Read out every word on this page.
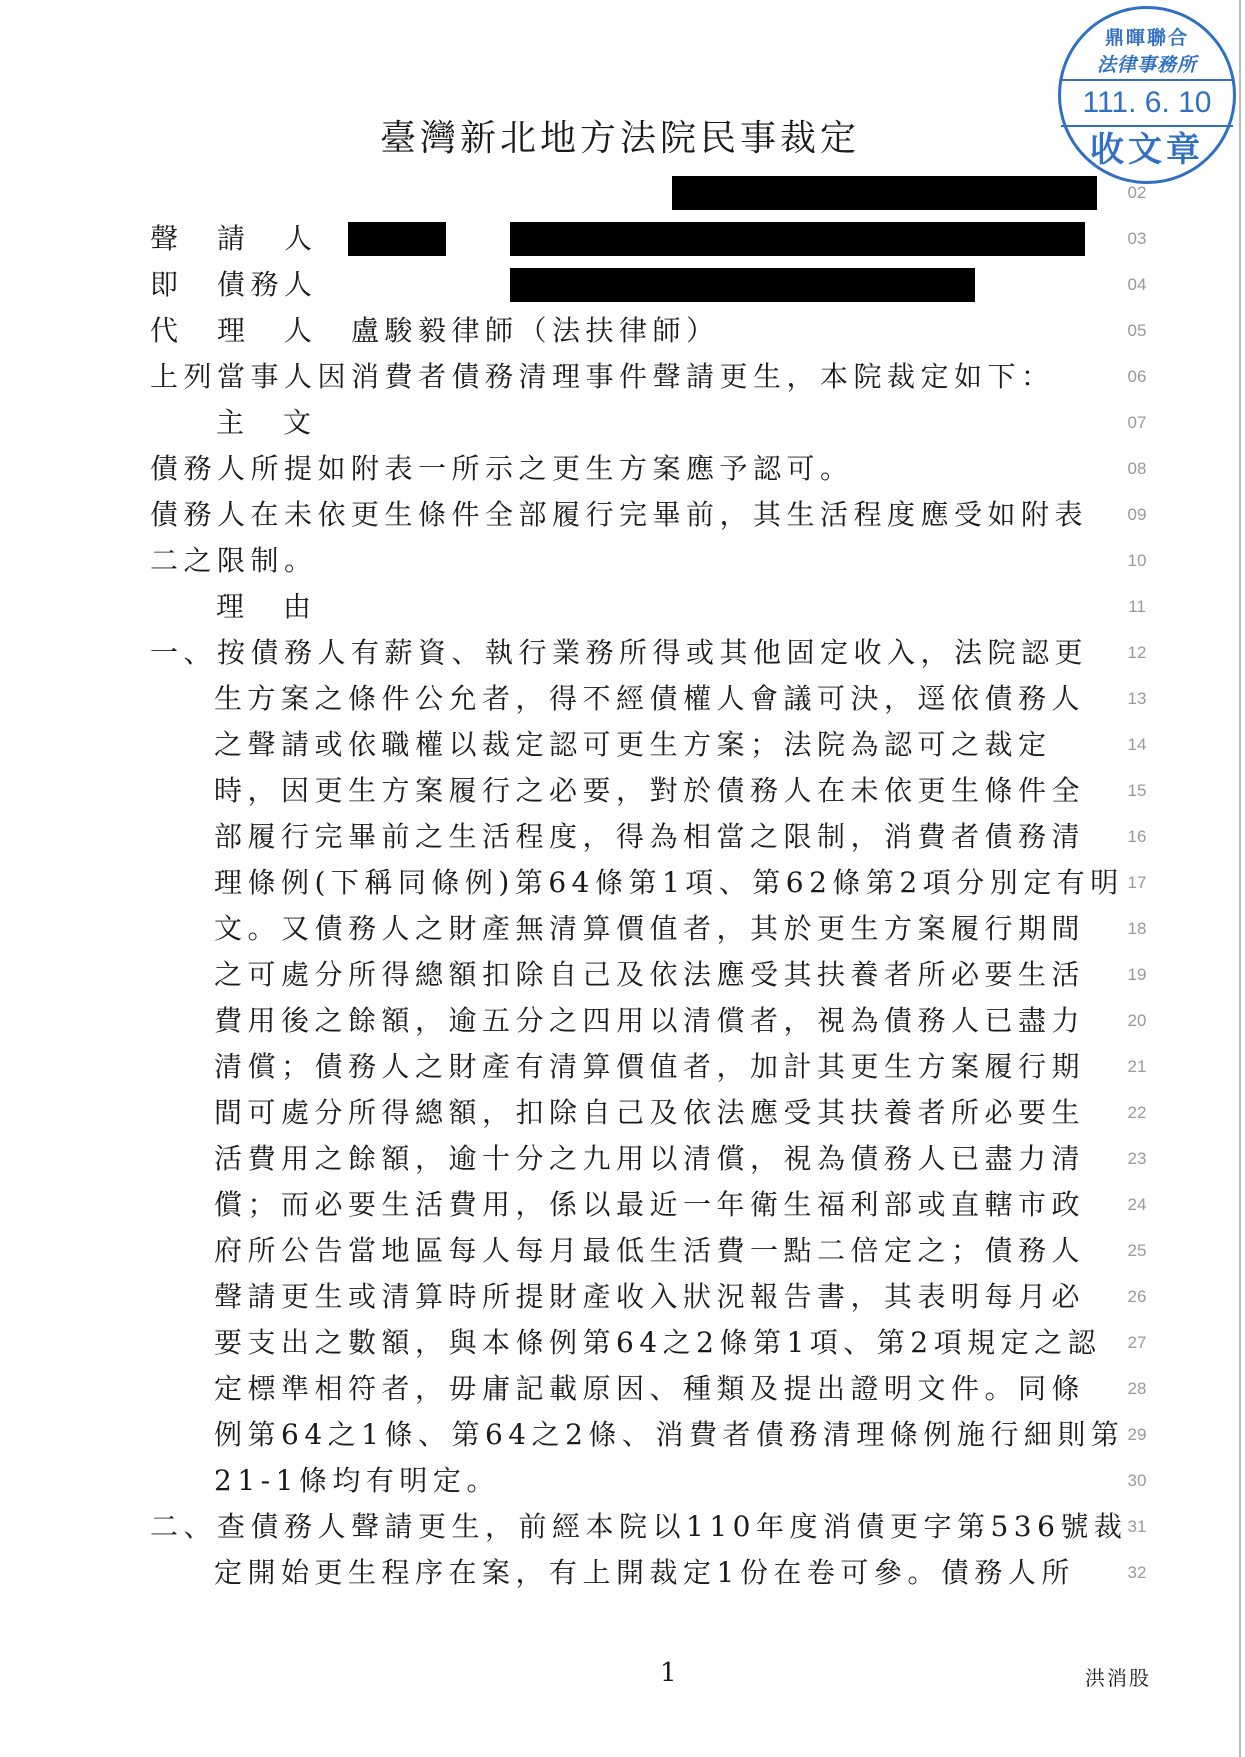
鼎暉聯合
法律事務所
111. 6. 10
收文章
臺灣新北地方法院民事裁定
02
聲　請　人	03
即　債務人	04
代　理　人　盧駿毅律師（法扶律師）	05
上列當事人因消費者債務清理事件聲請更生，本院裁定如下：	06
主　文	07
債務人所提如附表一所示之更生方案應予認可。	08
債務人在未依更生條件全部履行完畢前，其生活程度應受如附表	09
二之限制。	10
理　由	11
一、按債務人有薪資、執行業務所得或其他固定收入，法院認更	12
生方案之條件公允者，得不經債權人會議可決，逕依債務人	13
之聲請或依職權以裁定認可更生方案；法院為認可之裁定	14
時，因更生方案履行之必要，對於債務人在未依更生條件全	15
部履行完畢前之生活程度，得為相當之限制，消費者債務清	16
理條例(下稱同條例)第64條第1項、第62條第2項分別定有明 17
文。又債務人之財產無清算價值者，其於更生方案履行期間	18
之可處分所得總額扣除自己及依法應受其扶養者所必要生活	19
費用後之餘額，逾五分之四用以清償者，視為債務人已盡力	20
清償；債務人之財產有清算價值者，加計其更生方案履行期	21
間可處分所得總額，扣除自己及依法應受其扶養者所必要生	22
活費用之餘額，逾十分之九用以清償，視為債務人已盡力清	23
償；而必要生活費用，係以最近一年衛生福利部或直轄市政	24
府所公告當地區每人每月最低生活費一點二倍定之；債務人	25
聲請更生或清算時所提財產收入狀況報告書，其表明每月必	26
要支出之數額，與本條例第64之2條第1項、第2項規定之認	27
定標準相符者，毋庸記載原因、種類及提出證明文件。同條	28
例第64之1條、第64之2條、消費者債務清理條例施行細則第 29
21-1條均有明定。	30
二、查債務人聲請更生，前經本院以110年度消債更字第536號裁 31
定開始更生程序在案，有上開裁定1份在卷可參。債務人所	32
1	洪消股
